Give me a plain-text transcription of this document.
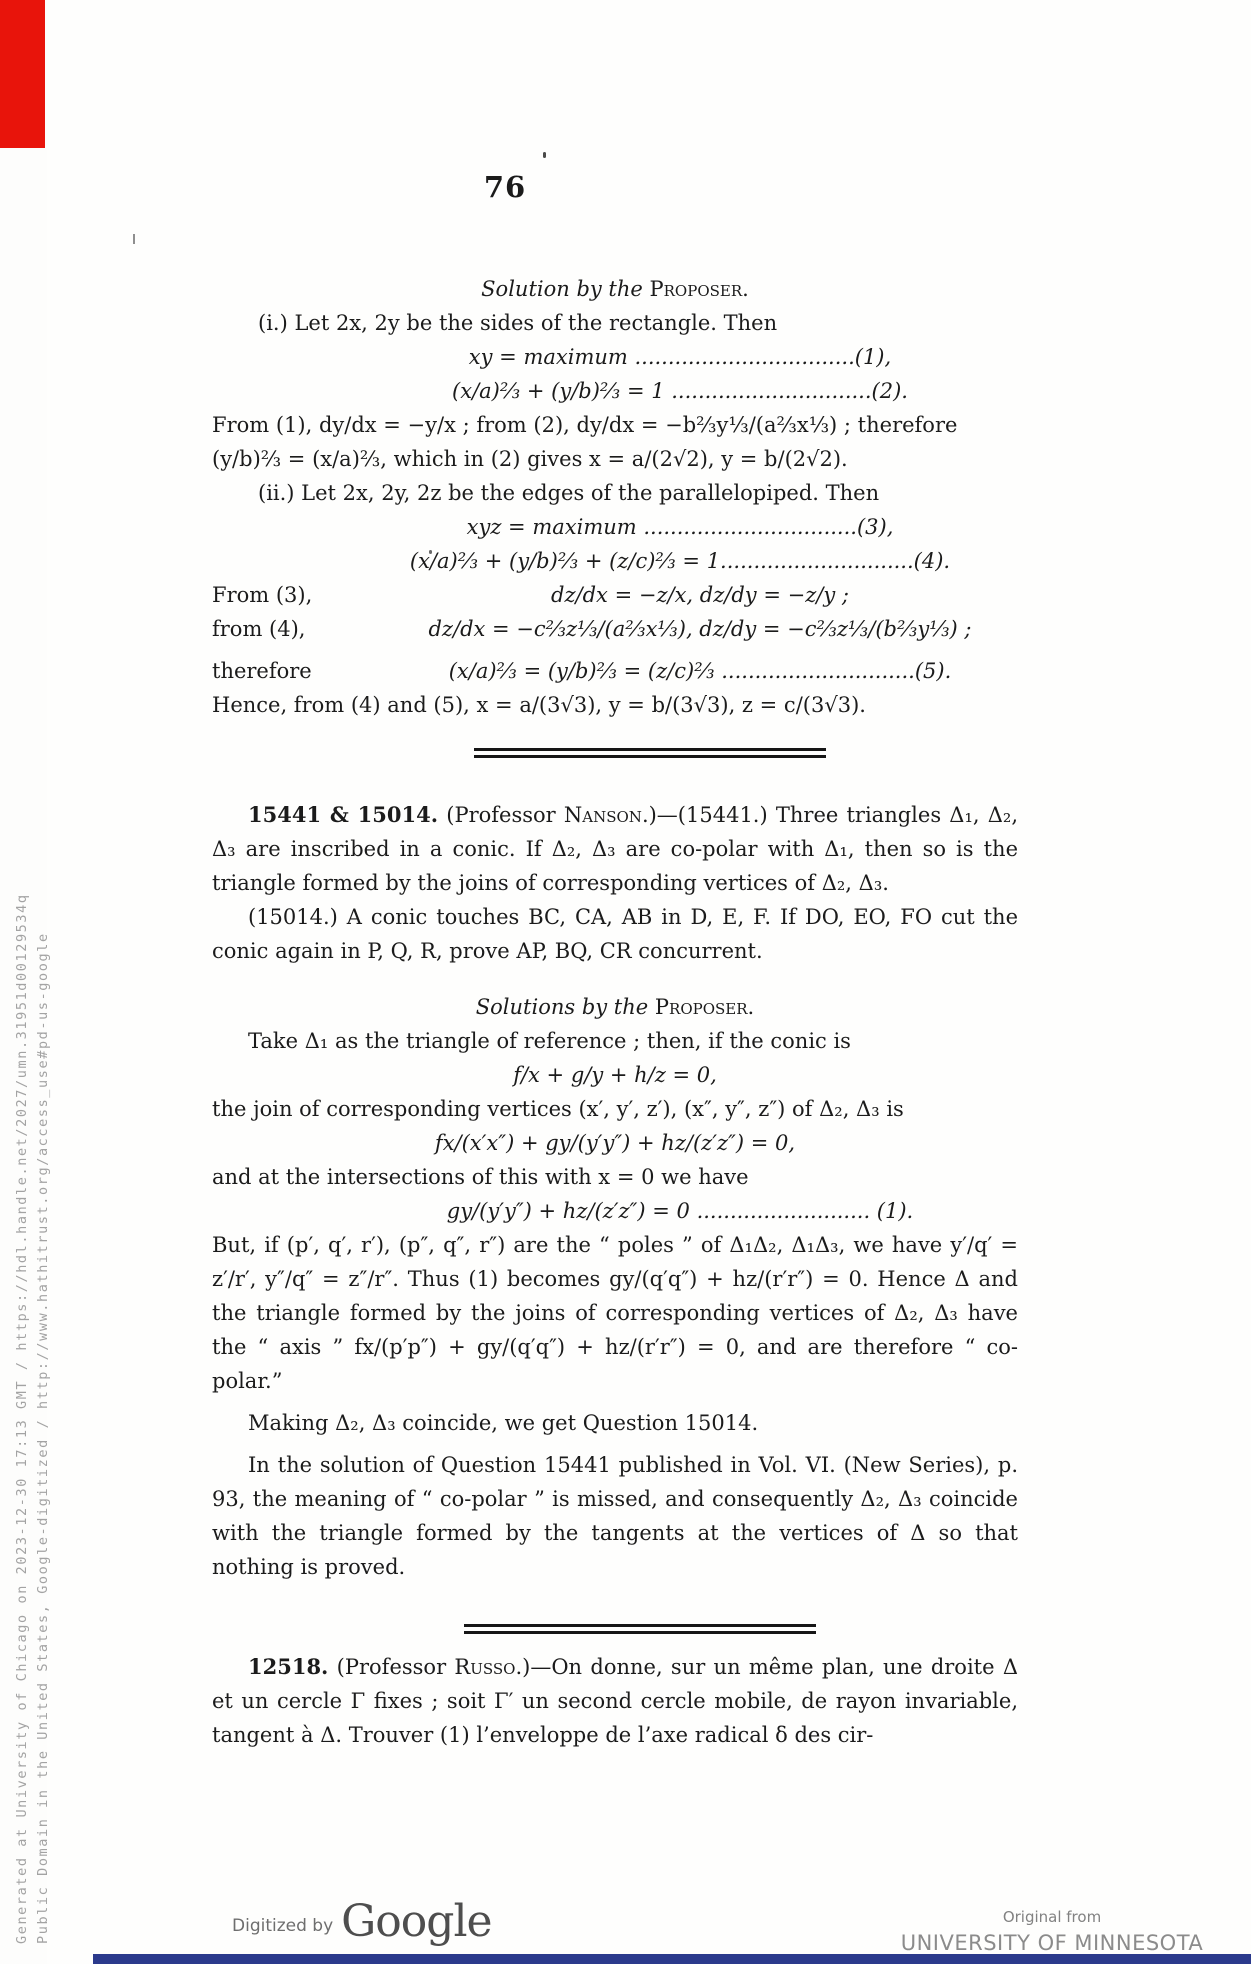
Generated at University of Chicago on 2023-12-30 17:13 GMT / https://hdl.handle.net/2027/umn.31951d00129534q Public Domain in the United States, Google-digitized / http://www.hathitrust.org/access_use#pd-us-google
76

Solution by the Proposer.

(i.) Let 2x, 2y be the sides of the rectangle. Then

xy = maximum .................................(1),

(x/a)⅔ + (y/b)⅔ = 1 ..............................(2).

From (1), dy/dx = −y/x ; from (2), dy/dx = −b⅔y⅓/(a⅔x⅓) ; therefore

(y/b)⅔ = (x/a)⅔, which in (2) gives x = a/(2√2), y = b/(2√2).

(ii.) Let 2x, 2y, 2z be the edges of the parallelopiped. Then

xyz = maximum ................................(3),

(x/a)⅔ + (y/b)⅔ + (z/c)⅔ = 1.............................(4).

From (3),	dz/dx = −z/x, dz/dy = −z/y ;
from (4),	dz/dx = −c⅔z⅓/(a⅔x⅓), dz/dy = −c⅔z⅓/(b⅔y⅓) ;
therefore	(x/a)⅔ = (y/b)⅔ = (z/c)⅔ .............................(5).

Hence, from (4) and (5), x = a/(3√3), y = b/(3√3), z = c/(3√3).

15441 & 15014. (Professor Nanson.)—(15441.) Three triangles Δ₁, Δ₂, Δ₃ are inscribed in a conic. If Δ₂, Δ₃ are co-polar with Δ₁, then so is the triangle formed by the joins of corresponding vertices of Δ₂, Δ₃.

(15014.) A conic touches BC, CA, AB in D, E, F. If DO, EO, FO cut the conic again in P, Q, R, prove AP, BQ, CR concurrent.

Solutions by the Proposer.

Take Δ₁ as the triangle of reference ; then, if the conic is

f/x + g/y + h/z = 0,

the join of corresponding vertices (x′, y′, z′), (x″, y″, z″) of Δ₂, Δ₃ is

fx/(x′x″) + gy/(y′y″) + hz/(z′z″) = 0,

and at the intersections of this with x = 0 we have

gy/(y′y″) + hz/(z′z″) = 0 .......................... (1).

But, if (p′, q′, r′), (p″, q″, r″) are the “ poles ” of Δ₁Δ₂, Δ₁Δ₃, we have y′/q′ = z′/r′, y″/q″ = z″/r″. Thus (1) becomes gy/(q′q″) + hz/(r′r″) = 0. Hence Δ and the triangle formed by the joins of corresponding vertices of Δ₂, Δ₃ have the “ axis ” fx/(p′p″) + gy/(q′q″) + hz/(r′r″) = 0, and are therefore “ co-polar.”

Making Δ₂, Δ₃ coincide, we get Question 15014.

In the solution of Question 15441 published in Vol. VI. (New Series), p. 93, the meaning of “ co-polar ” is missed, and consequently Δ₂, Δ₃ coincide with the triangle formed by the tangents at the vertices of Δ so that nothing is proved.

12518. (Professor Russo.)—On donne, sur un même plan, une droite Δ et un cercle Γ fixes ; soit Γ′ un second cercle mobile, de rayon invariable, tangent à Δ. Trouver (1) l’enveloppe de l’axe radical δ des cir-

Digitized by Google	Original from
UNIVERSITY OF MINNESOTA
